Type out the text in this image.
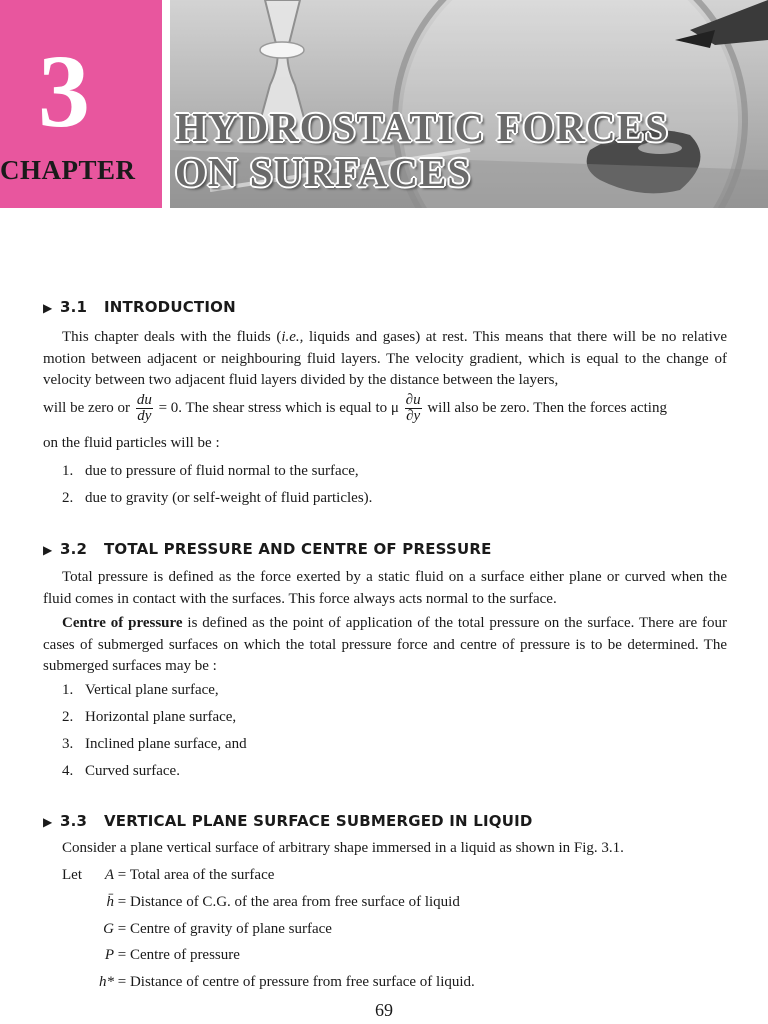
3
CHAPTER
HYDROSTATIC FORCES
ON SURFACES
▶ 3.1 INTRODUCTION
This chapter deals with the fluids (i.e., liquids and gases) at rest. This means that there will be no relative motion between adjacent or neighbouring fluid layers. The velocity gradient, which is equal to the change of velocity between two adjacent fluid layers divided by the distance between the layers,
will be zero or $\frac{du}{dy} = 0$. The shear stress which is equal to μ $\frac{\partial u}{\partial y}$ will also be zero. Then the forces acting
on the fluid particles will be :
1. due to pressure of fluid normal to the surface,
2. due to gravity (or self-weight of fluid particles).
▶ 3.2 TOTAL PRESSURE AND CENTRE OF PRESSURE
Total pressure is defined as the force exerted by a static fluid on a surface either plane or curved when the fluid comes in contact with the surfaces. This force always acts normal to the surface.
Centre of pressure is defined as the point of application of the total pressure on the surface. There are four cases of submerged surfaces on which the total pressure force and centre of pressure is to be determined. The submerged surfaces may be :
1. Vertical plane surface,
2. Horizontal plane surface,
3. Inclined plane surface, and
4. Curved surface.
▶ 3.3 VERTICAL PLANE SURFACE SUBMERGED IN LIQUID
Consider a plane vertical surface of arbitrary shape immersed in a liquid as shown in Fig. 3.1.
Let	A = Total area of the surface
h̄ = Distance of C.G. of the area from free surface of liquid
G = Centre of gravity of plane surface
P = Centre of pressure
h* = Distance of centre of pressure from free surface of liquid.
69
